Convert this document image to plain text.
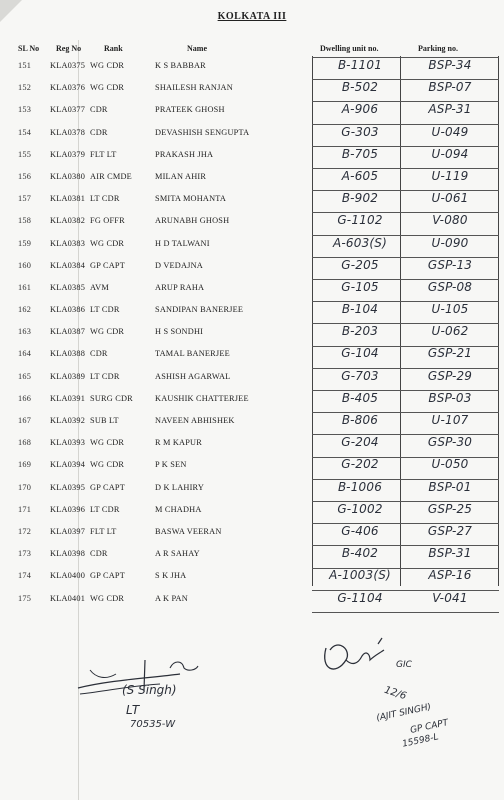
KOLKATA III
SL No Reg No	Rank	Name	Dwelling unit no.	Parking no.
151	KLA0375 WG CDR	K S BABBAR	B-1101	BSP-34
152	KLA0376 WG CDR	SHAILESH RANJAN	B-502	BSP-07
153	KLA0377 CDR	PRATEEK GHOSH	A-906	ASP-31
154	KLA0378 CDR	DEVASHISH SENGUPTA	G-303	U-049
155	KLA0379 FLT LT	PRAKASH JHA	B-705	U-094
156	KLA0380 AIR CMDE	MILAN AHIR	A-605	U-119
157	KLA0381 LT CDR	SMITA MOHANTA	B-902	U-061
158	KLA0382 FG OFFR	ARUNABH GHOSH	G-1102	V-080
159	KLA0383 WG CDR	H D TALWANI	A-603(S)	U-090
160	KLA0384 GP CAPT	D VEDAJNA	G-205	GSP-13
161	KLA0385 AVM	ARUP RAHA	G-105	GSP-08
162	KLA0386 LT CDR	SANDIPAN BANERJEE	B-104	U-105
163	KLA0387 WG CDR	H S SONDHI	B-203	U-062
164	KLA0388 CDR	TAMAL BANERJEE	G-104	GSP-21
165	KLA0389 LT CDR	ASHISH AGARWAL	G-703	GSP-29
166	KLA0391 SURG CDR	KAUSHIK CHATTERJEE	B-405	BSP-03
167	KLA0392 SUB LT	NAVEEN ABHISHEK	B-806	U-107
168	KLA0393 WG CDR	R M KAPUR	G-204	GSP-30
169	KLA0394 WG CDR	P K SEN	G-202	U-050
170	KLA0395 GP CAPT	D K LAHIRY	B-1006	BSP-01
171	KLA0396 LT CDR	M CHADHA	G-1002	GSP-25
172	KLA0397 FLT LT	BASWA VEERAN	G-406	GSP-27
173	KLA0398 CDR	A R SAHAY	B-402	BSP-31
174	KLA0400 GP CAPT	S K JHA	A-1003(S)	ASP-16
175	KLA0401 WG CDR	A K PAN	G-1104	V-041
(S Singh)
LT
70535-W
GIC
12/6
(AJIT SINGH)
GP CAPT
15598-L
